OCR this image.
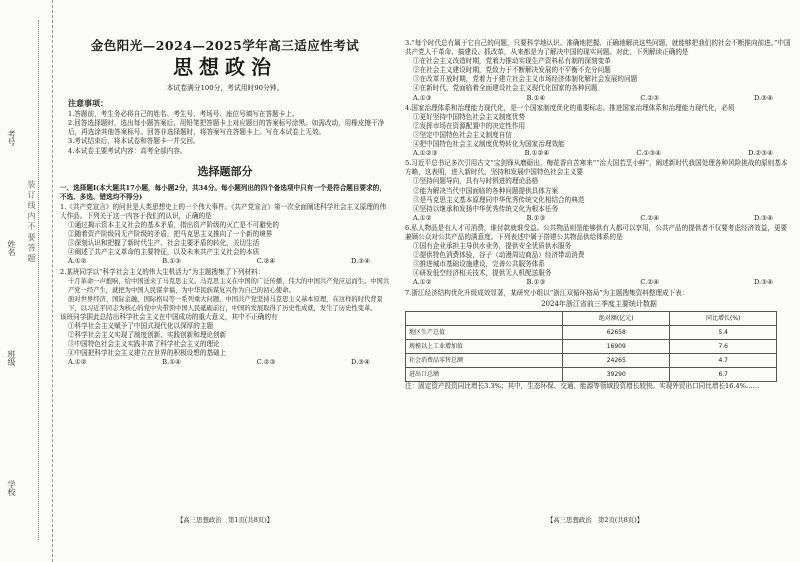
考号
姓名
班级
学校
装 订 线 内 不 要 答 题
金色阳光—2024—2025学年高三适应性考试
思想政治
本试卷满分100分，考试用时90分钟。
注意事项：
1.答题前，考生务必将自己的姓名、考生号、考场号、座位号填写在答题卡上。
2.回答选择题时，选出每小题答案后，用铅笔把答题卡上对应题目的答案标号涂黑。如需改动，用橡皮擦干净后，再选涂其他答案标号。回答非选择题时，将答案写在答题卡上。写在本试卷上无效。
3.考试结束后，将本试卷和答题卡一并交回。
4.本试卷主要考试内容：高考全部内容。
选择题部分
一、选择题Ⅰ(本大题共17小题，每小题2分，共34分。每小题列出的四个备选项中只有一个是符合题目要求的，不选、多选、错选均不得分)
1.《共产党宣言》的问世是人类思想史上的一个伟大事件。《共产党宣言》第一次全面阐述科学社会主义原理的伟大作品。下列关于这一内容于我们的认识，正确的是
①通过揭示资本主义社会的基本矛盾，指出资产阶级的灭亡是不可避免的
②随着资产阶级同无产阶级的矛盾，把马克思主义推向了一个新的境界
③深刻认识和把握了新时代生产、社会主要矛盾的转化，关切生活
④阐述了共产主义革命的主要特征，以及未来共产主义社会的本质
A.①②	B.①③	C.②④	D.③④
2.某班同学以“科学社会主义的伟大生机活力”为主题搜集了下列材料：
十月革命一声炮响，给中国送来了马克思主义。马克思主义在中国的广泛传播，伟大的中国共产党应运而生。中国共产党一经产生，就把为中国人民谋幸福、为中华民族谋复兴作为自己的初心使命。
面对世界经济、国际金融、国际格局等一系列重大问题，中国共产党坚持马克思主义基本原理，在这样的时代背景下，以习近平同志为核心的党中央带领中国人民砥砺前行，中国的发展取得了历史性成就，发生了历史性变革。
该班同学据此总结出科学社会主义在中国成功的重大意义，其中不正确的有
①科学社会主义赋予了中国式现代化以深厚的主题
②科学社会主义实现了制度创新、实践创新和理论创新
③中国特色社会主义实践丰富了科学社会主义的理论
④中国把科学社会主义建立在世界的积极设想的基础上
A.①②	B.①④	C.②③	D.③④
3.“每个时代总有属于它自己的问题，只要科学地认识、准确地把握、正确地解决这些问题，就能够把我们的社会不断推向前进。”中国共产党人干革命、搞建设、抓改革，从来都是为了解决中国的现实问题。对此，下列解读正确的是
①在社会主义改造时期，党着力推动实现生产资料私有制的深刻变革
②在社会主义建设时期，党致力于不断解决发展的不平衡不充分问题
③在改革开放时期，党着力于建立社会主义市场经济体制化解社会发展的问题
④在新时代，党面临着全面建设社会主义现代化国家的各种问题
A.①③	B.①④	C.②③	D.②④
4.国家治理体系和治理能力现代化，是一个国家制度优化的重要标志。推进国家治理体系和治理能力现代化，必须
①更好坚持中国特色社会主义制度优势
②发挥市场在资源配置中的决定性作用
③坚定中国特色社会主义制度自信
④把中国特色社会主义制度优势转化为国家治理效能
A.①②③	B.①②④	C.①③④	D.②③④
5.习近平总书记多次引用古文“宝剑锋从磨砺出，梅花香自苦寒来”“治大国若烹小鲜”，阐述新时代我国处理各种风险挑战的原则基本方略，这表明，进入新时代，坚持和发展中国特色社会主义要
①坚持问题导向，具有与时俱进的理论品格
②能为解决当代中国面临的各种问题提供具体方案
③是马克思主义基本原理同中华优秀传统文化相结合的典范
④坚持以继承和发扬中华优秀传统文化为根本任务
A.①②	B.①③	C.②④	D.③④
6.私人物品是有人才可消费，谁付款就谁受益。公共物品则是能够供有人都可以享用，公共产品的提供者不仅要考虑经济效益，更要兼顾公众对公共产品的满意度。下列表述中属于搭建公共物品供给体系的是
①国有企业承担主导供水业务，提供安全优质供水服务
②提供特色消费体验，谷子（动漫周边商品）经济带动消费
③推进城市基础设施建设，完善公共服务体系
④研发低空经济相关技术，提供无人机配送服务
A.①②	B.①③	C.②④	D.③④
7.浙江经济结构优化升级成效显著，某研究小组以“浙江双循环格局”为主题搜集资料整理成下表：
2024年浙江省前三季度主要统计数据
	绝对额(亿元)	同比增长(%)
地区生产总值	62658	5.4
规模以上工业增加值	16909	7.6
社会消费品零售总额	24265	4.7
进出口总额	39290	6.7
注：固定资产投资同比增长3.3%；其中，生态环保、交通、能源等领域投资增长较快。实现外贸出口同比增长16.4%……
【高三思想政治　第1页(共8页)】	【高三思想政治　第2页(共8页)】
